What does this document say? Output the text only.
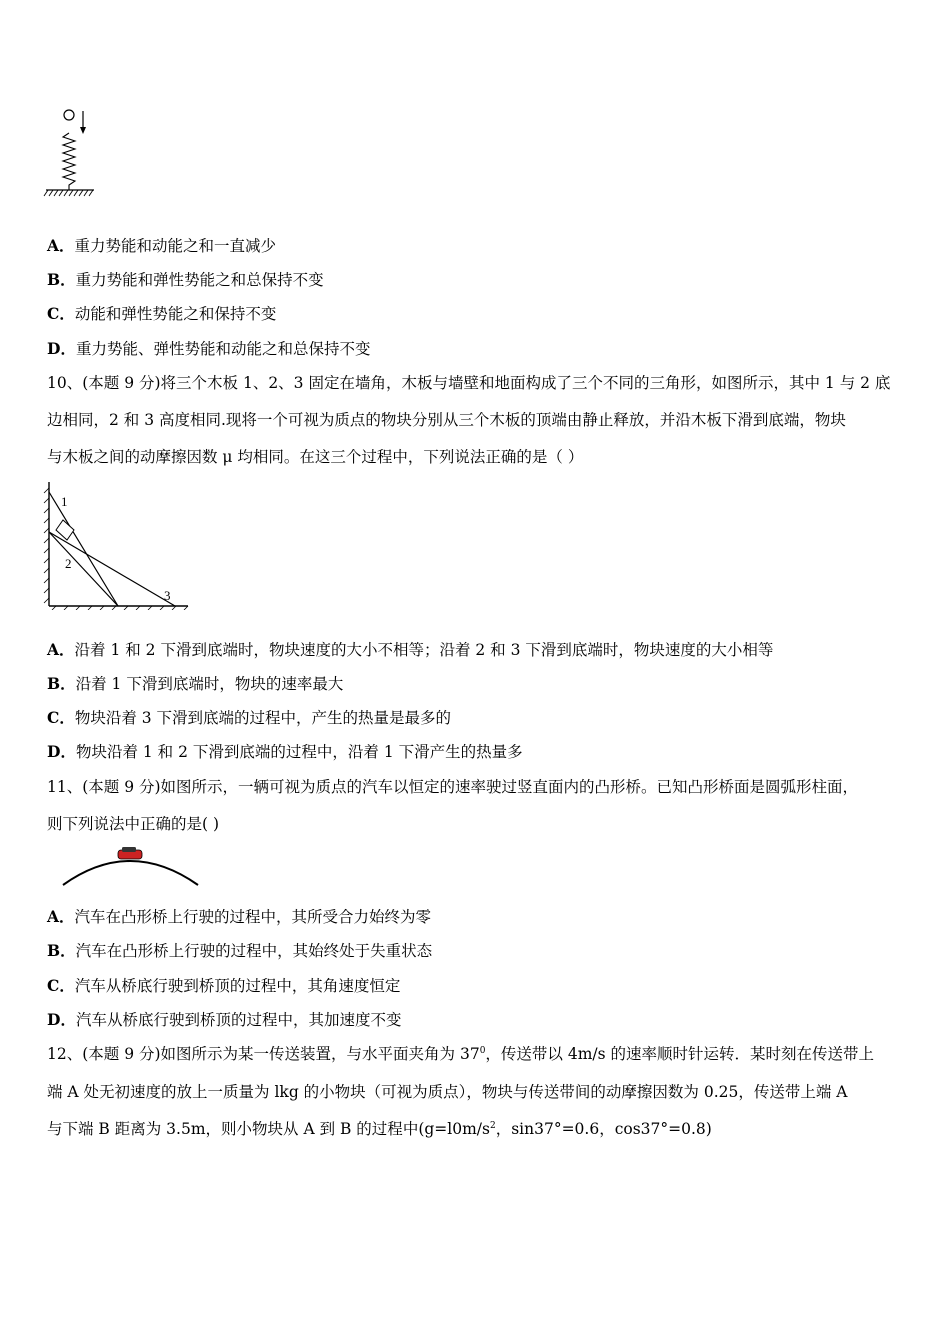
A．重力势能和动能之和一直减少
B．重力势能和弹性势能之和总保持不变
C．动能和弹性势能之和保持不变
D．重力势能、弹性势能和动能之和总保持不变
10、(本题 9 分)将三个木板 1、2、3 固定在墙角，木板与墙壁和地面构成了三个不同的三角形，如图所示，其中 1 与 2 底
边相同，2 和 3 高度相同.现将一个可视为质点的物块分别从三个木板的顶端由静止释放，并沿木板下滑到底端，物块
与木板之间的动摩擦因数 μ 均相同。在这三个过程中，下列说法正确的是（ ）
1
2
3
A．沿着 1 和 2 下滑到底端时，物块速度的大小不相等；沿着 2 和 3 下滑到底端时，物块速度的大小相等
B．沿着 1 下滑到底端时，物块的速率最大
C．物块沿着 3 下滑到底端的过程中，产生的热量是最多的
D．物块沿着 1 和 2 下滑到底端的过程中，沿着 1 下滑产生的热量多
11、(本题 9 分)如图所示，一辆可视为质点的汽车以恒定的速率驶过竖直面内的凸形桥。已知凸形桥面是圆弧形柱面，
则下列说法中正确的是( )
A．汽车在凸形桥上行驶的过程中，其所受合力始终为零
B．汽车在凸形桥上行驶的过程中，其始终处于失重状态
C．汽车从桥底行驶到桥顶的过程中，其角速度恒定
D．汽车从桥底行驶到桥顶的过程中，其加速度不变
12、(本题 9 分)如图所示为某一传送装置，与水平面夹角为 $37^0$，传送带以 4m/s 的速率顺时针运转．某时刻在传送带上
端 A 处无初速度的放上一质量为 lkg 的小物块（可视为质点），物块与传送带间的动摩擦因数为 0.25，传送带上端 A
与下端 B 距离为 3.5m，则小物块从 A 到 B 的过程中($g=l0m/s^2$，sin37°=0.6，cos37°=0.8)
